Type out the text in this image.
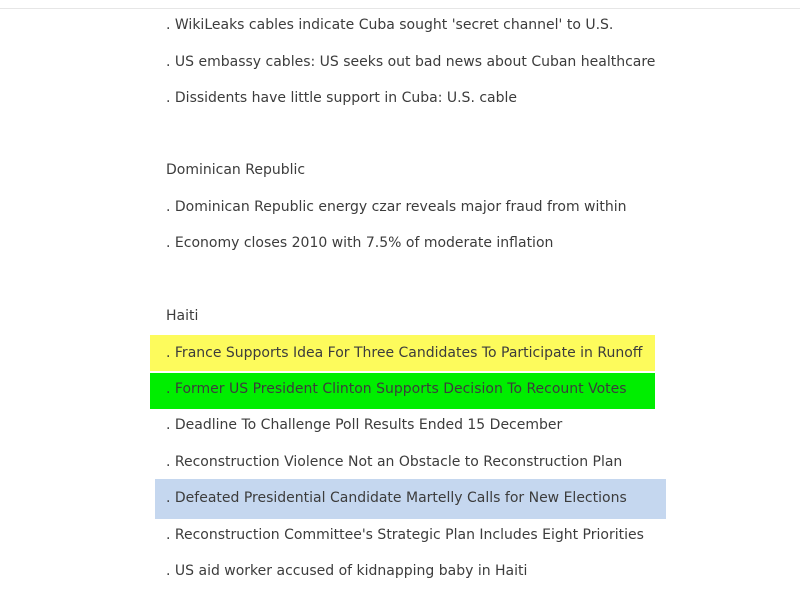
. WikiLeaks cables indicate Cuba sought 'secret channel' to U.S.
. US embassy cables: US seeks out bad news about Cuban healthcare
. Dissidents have little support in Cuba: U.S. cable
Dominican Republic
. Dominican Republic energy czar reveals major fraud from within
. Economy closes 2010 with 7.5% of moderate inflation
Haiti
. France Supports Idea For Three Candidates To Participate in Runoff
. Former US President Clinton Supports Decision To Recount Votes
. Deadline To Challenge Poll Results Ended 15 December
. Reconstruction Violence Not an Obstacle to Reconstruction Plan
. Defeated Presidential Candidate Martelly Calls for New Elections
. Reconstruction Committee's Strategic Plan Includes Eight Priorities
. US aid worker accused of kidnapping baby in Haiti
